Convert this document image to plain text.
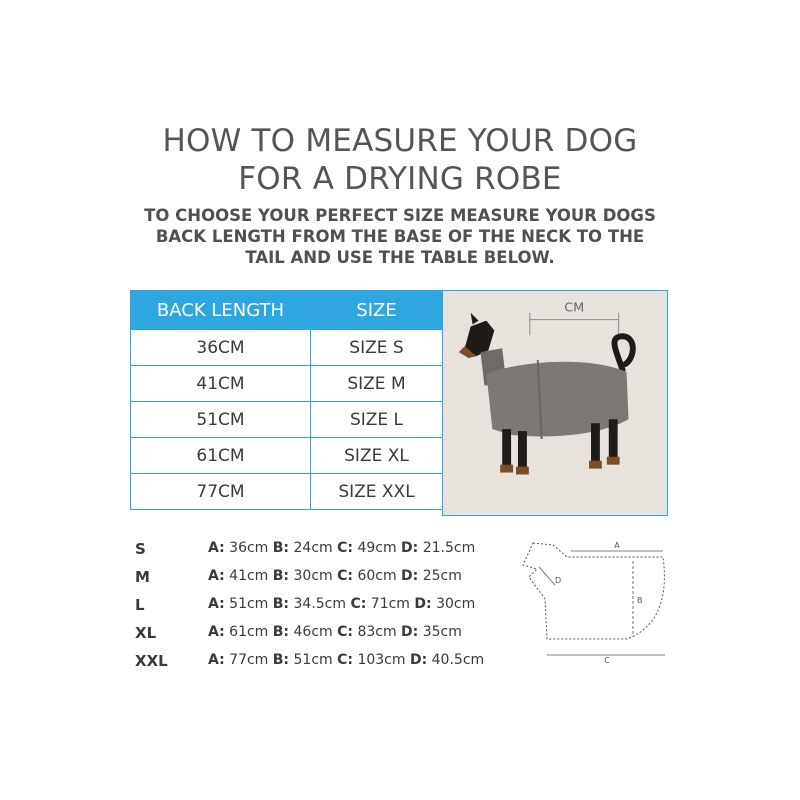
HOW TO MEASURE YOUR DOG
FOR A DRYING ROBE
TO CHOOSE YOUR PERFECT SIZE MEASURE YOUR DOGS
BACK LENGTH FROM THE BASE OF THE NECK TO THE
TAIL AND USE THE TABLE BELOW.
BACK LENGTH	SIZE
36CM	SIZE S
41CM	SIZE M
51CM	SIZE L
61CM	SIZE XL
77CM	SIZE XXL
CM
S	A: 36cm B: 24cm C: 49cm D: 21.5cm
M	A: 41cm B: 30cm C: 60cm D: 25cm
L	A: 51cm B: 34.5cm C: 71cm D: 30cm
XL	A: 61cm B: 46cm C: 83cm D: 35cm
XXL	A: 77cm B: 51cm C: 103cm D: 40.5cm
A
B
C
D
